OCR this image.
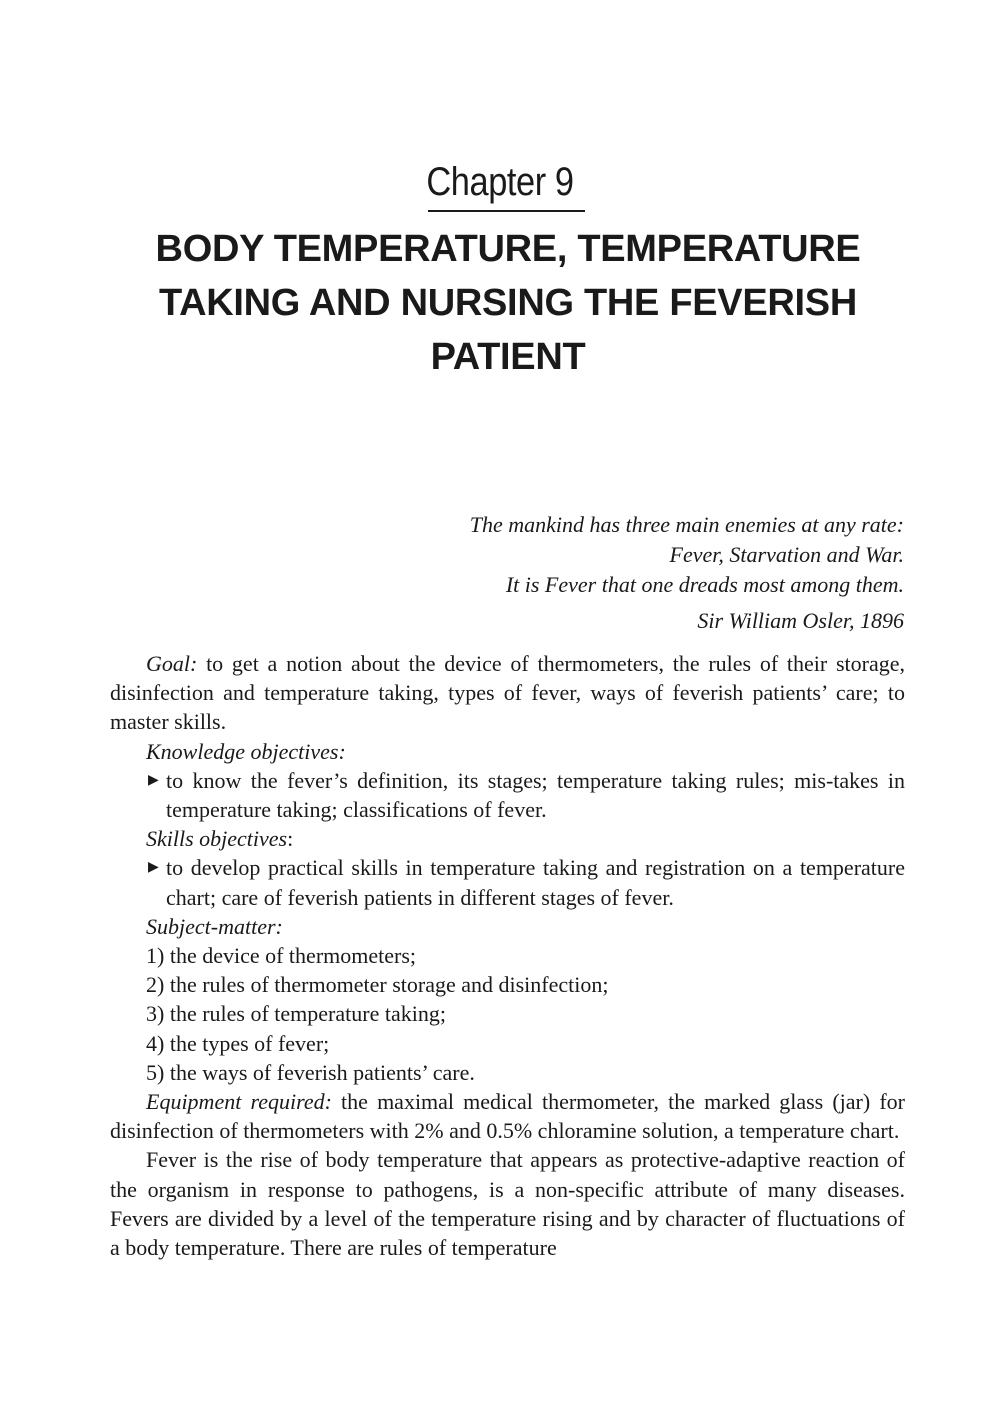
Chapter 9
BODY TEMPERATURE, TEMPERATURE TAKING AND NURSING THE FEVERISH PATIENT
The mankind has three main enemies at any rate:
Fever, Starvation and War.
It is Fever that one dreads most among them.
Sir William Osler, 1896

Goal: to get a notion about the device of thermometers, the rules of their storage, disinfection and temperature taking, types of fever, ways of feverish patients’ care; to master skills.

Knowledge objectives:

▶ to know the fever’s definition, its stages; temperature taking rules; mis-takes in temperature taking; classifications of fever.

Skills objectives:

▶ to develop practical skills in temperature taking and registration on a temperature chart; care of feverish patients in different stages of fever.

Subject-matter:

1) the device of thermometers;

2) the rules of thermometer storage and disinfection;

3) the rules of temperature taking;

4) the types of fever;

5) the ways of feverish patients’ care.

Equipment required: the maximal medical thermometer, the marked glass (jar) for disinfection of thermometers with 2% and 0.5% chloramine solution, a temperature chart.

Fever is the rise of body temperature that appears as protective-adaptive reaction of the organism in response to pathogens, is a non-specific attribute of many diseases. Fevers are divided by a level of the temperature rising and by character of fluctuations of a body temperature. There are rules of temperature
